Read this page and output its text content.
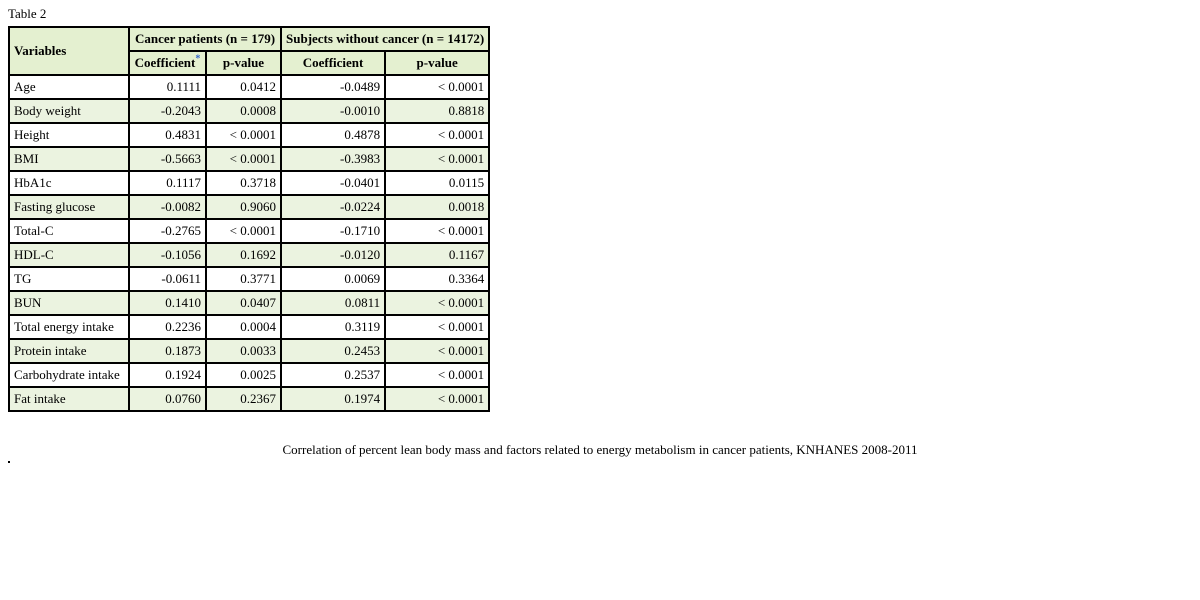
Table 2
Variables	Cancer patients (n = 179)		Subjects without cancer (n = 14172)	
	Coefficient*	p-value	Coefficient	p-value
Age	0.1111	0.0412	-0.0489	< 0.0001
Body weight	-0.2043	0.0008	-0.0010	0.8818
Height	0.4831	< 0.0001	0.4878	< 0.0001
BMI	-0.5663	< 0.0001	-0.3983	< 0.0001
HbA1c	0.1117	0.3718	-0.0401	0.0115
Fasting glucose	-0.0082	0.9060	-0.0224	0.0018
Total-C	-0.2765	< 0.0001	-0.1710	< 0.0001
HDL-C	-0.1056	0.1692	-0.0120	0.1167
TG	-0.0611	0.3771	0.0069	0.3364
BUN	0.1410	0.0407	0.0811	< 0.0001
Total energy intake	0.2236	0.0004	0.3119	< 0.0001
Protein intake	0.1873	0.0033	0.2453	< 0.0001
Carbohydrate intake	0.1924	0.0025	0.2537	< 0.0001
Fat intake	0.0760	0.2367	0.1974	< 0.0001
Correlation of percent lean body mass and factors related to energy metabolism in cancer patients, KNHANES 2008-2011
